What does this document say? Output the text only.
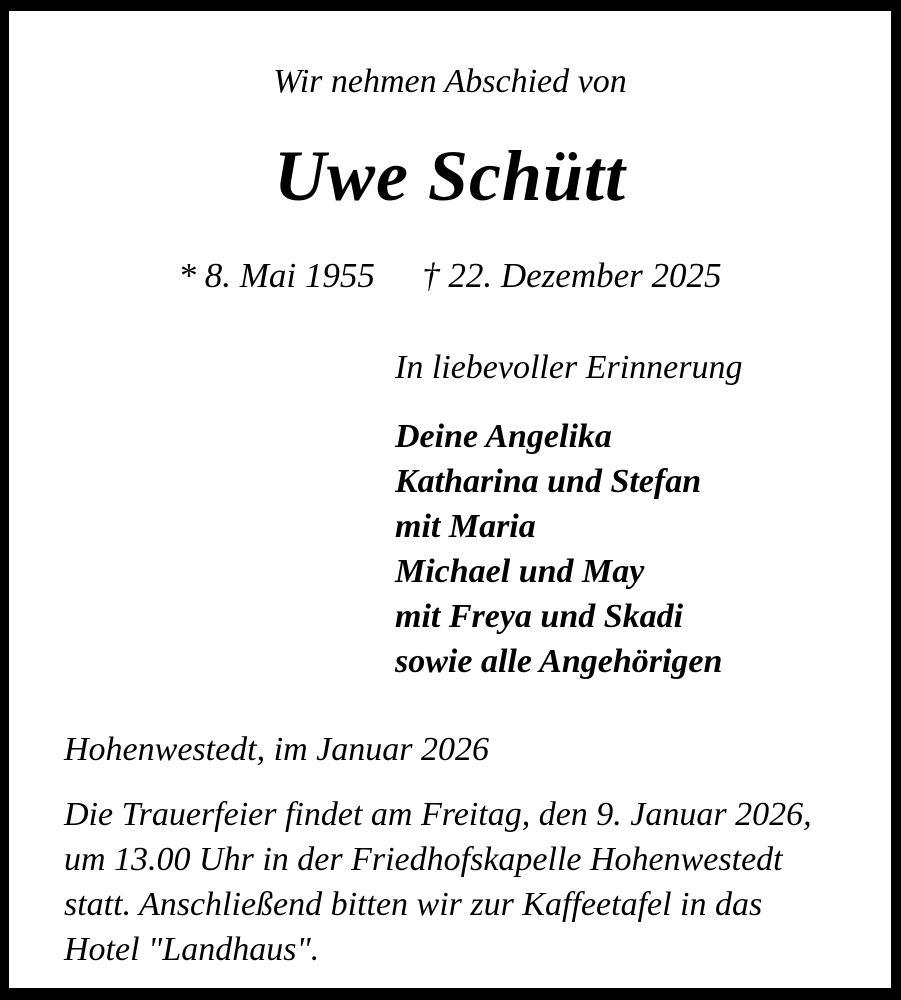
Wir nehmen Abschied von
Uwe Schütt
* 8. Mai 1955 † 22. Dezember 2025
In liebevoller Erinnerung
Deine Angelika
Katharina und Stefan
mit Maria
Michael und May
mit Freya und Skadi
sowie alle Angehörigen
Hohenwestedt, im Januar 2026
Die Trauerfeier findet am Freitag, den 9. Januar 2026,
um 13.00 Uhr in der Friedhofskapelle Hohenwestedt
statt. Anschließend bitten wir zur Kaffeetafel in das
Hotel "Landhaus".
